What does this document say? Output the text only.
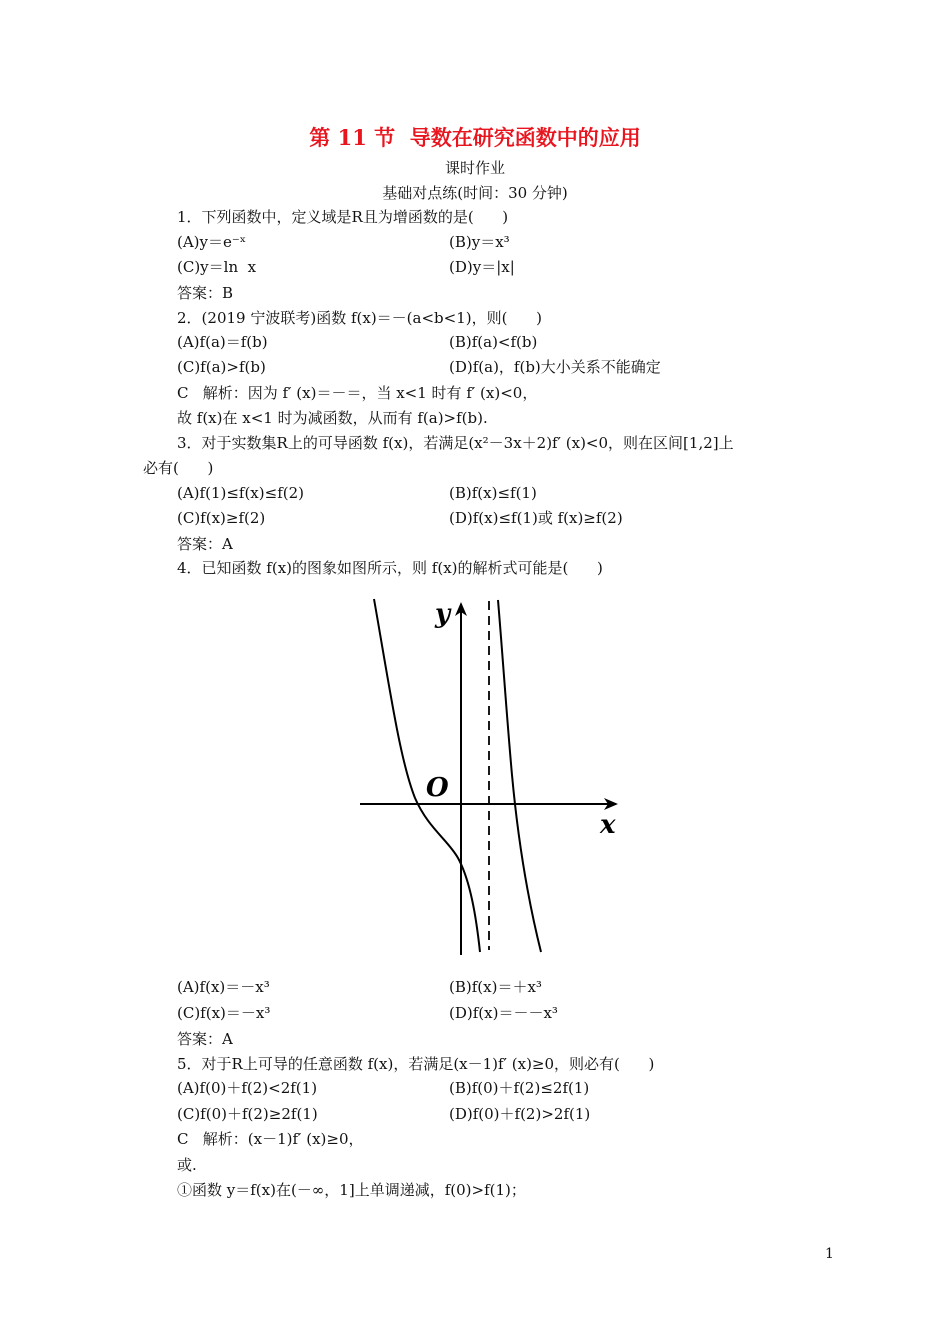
第 11 节  导数在研究函数中的应用
课时作业
基础对点练(时间：30 分钟)
1．下列函数中，定义域是R且为增函数的是(      )
(A)y＝e⁻ˣ	(B)y＝x³
(C)y＝ln  x	(D)y＝|x|
答案：B
2．(2019 宁波联考)函数 f(x)＝－(a<b<1)，则(      )
(A)f(a)＝f(b)	(B)f(a)<f(b)
(C)f(a)>f(b)	(D)f(a)，f(b)大小关系不能确定
C   解析：因为 f′ (x)＝－＝，当 x<1 时有 f′ (x)<0，
故 f(x)在 x<1 时为减函数，从而有 f(a)>f(b).
3．对于实数集R上的可导函数 f(x)，若满足(x²－3x＋2)f′ (x)<0，则在区间[1,2]上
必有(      )
(A)f(1)≤f(x)≤f(2)	(B)f(x)≤f(1)
(C)f(x)≥f(2)	(D)f(x)≤f(1)或 f(x)≥f(2)
答案：A
4．已知函数 f(x)的图象如图所示，则 f(x)的解析式可能是(      )
y
x
O
(A)f(x)＝－x³	(B)f(x)＝＋x³
(C)f(x)＝－x³	(D)f(x)＝－－x³
答案：A
5．对于R上可导的任意函数 f(x)，若满足(x－1)f′ (x)≥0，则必有(      )
(A)f(0)＋f(2)<2f(1)	(B)f(0)＋f(2)≤2f(1)
(C)f(0)＋f(2)≥2f(1)	(D)f(0)＋f(2)>2f(1)
C   解析：(x－1)f′ (x)≥0，
或.
①函数 y＝f(x)在(－∞，1]上单调递减，f(0)>f(1)；
1
